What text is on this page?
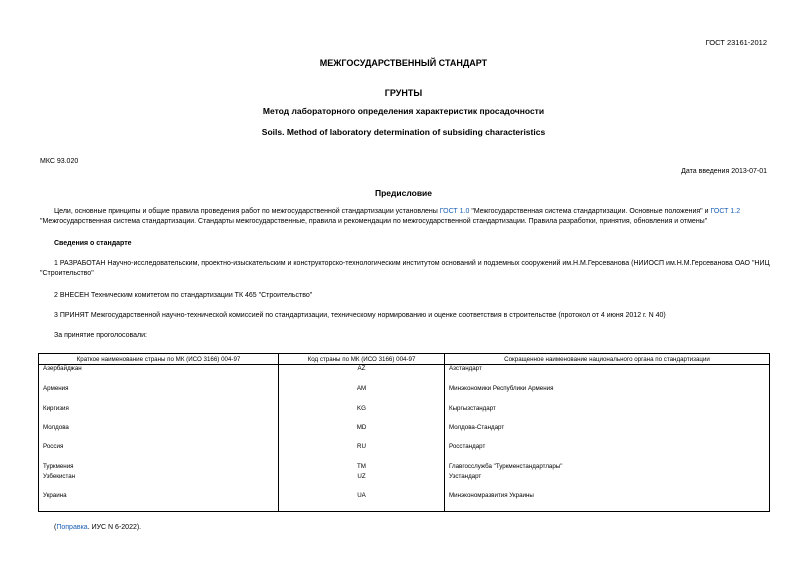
ГОСТ 23161-2012
МЕЖГОСУДАРСТВЕННЫЙ СТАНДАРТ
ГРУНТЫ
Метод лабораторного определения характеристик просадочности
Soils. Method of laboratory determination of subsiding characteristics
МКС 93.020
Дата введения 2013-07-01
Предисловие
Цели, основные принципы и общие правила проведения работ по межгосударственной стандартизации установлены ГОСТ 1.0 "Межгосударственная система стандартизации. Основные положения" и ГОСТ 1.2 "Межгосударственная система стандартизации. Стандарты межгосударственные, правила и рекомендации по межгосударственной стандартизации. Правила разработки, принятия, обновления и отмены"
Сведения о стандарте
1 РАЗРАБОТАН Научно-исследовательским, проектно-изыскательским и конструкторско-технологическим институтом оснований и подземных сооружений им.Н.М.Герсеванова (НИИОСП им.Н.М.Герсеванова ОАО "НИЦ "Строительство"
2 ВНЕСЕН Техническим комитетом по стандартизации ТК 465 "Строительство"
3 ПРИНЯТ Межгосударственной научно-технической комиссией по стандартизации, техническому нормированию и оценке соответствия в строительстве (протокол от 4 июня 2012 г. N 40)
За принятие проголосовали:
Краткое наименование страны по МК (ИСО 3166) 004-97	Код страны по МК (ИСО 3166) 004-97	Сокращенное наименование национального органа по стандартизации
Азербайджан	AZ	Азстандарт
Армения	AM	Минэкономики Республики Армения
Киргизия	KG	Кыргызстандарт
Молдова	MD	Молдова-Стандарт
Россия	RU	Росстандарт
Туркмения	TM	Главгосслужба "Туркменстандартлары"
Узбекистан	UZ	Узстандарт
Украина	UA	Минэкономразвития Украины
(Поправка. ИУС N 6-2022).
